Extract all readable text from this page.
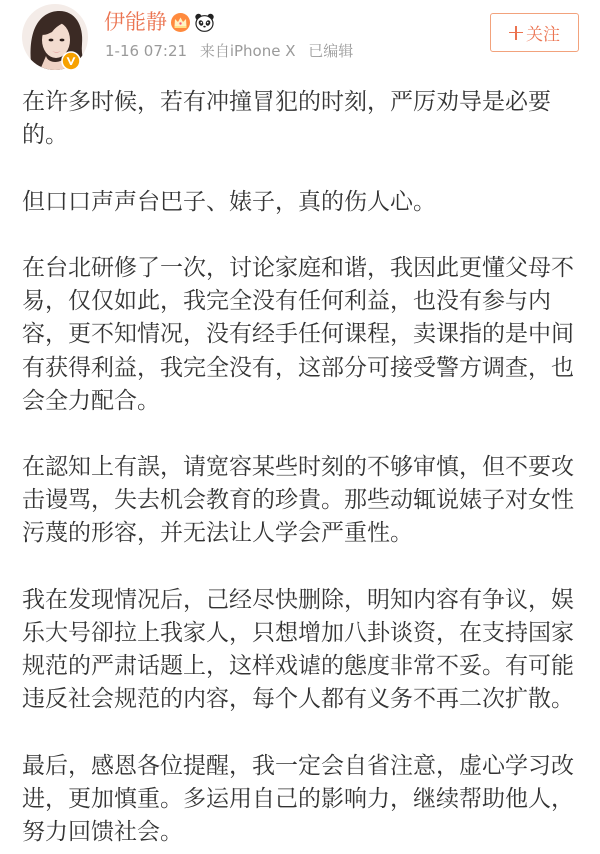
伊能静
1-16 07:21 来自iPhone X 已编辑
关注
在许多时候，若有冲撞冒犯的时刻，严厉劝导是必要
的。
但口口声声台巴子、婊子，真的伤人心。
在台北研修了一次，讨论家庭和谐，我因此更懂父母不
易，仅仅如此，我完全没有任何利益，也没有参与内
容，更不知情况，没有经手任何课程，卖课指的是中间
有获得利益，我完全没有，这部分可接受警方调查，也
会全力配合。
在認知上有誤，请宽容某些时刻的不够审慎，但不要攻
击谩骂，失去机会教育的珍貴。那些动辄说婊子对女性
污蔑的形容，并无法让人学会严重性。
我在发现情况后，己经尽快删除，明知内容有争议，娱
乐大号卻拉上我家人，只想增加八卦谈资，在支持国家
规范的严肃话题上，这样戏谑的態度非常不妥。有可能
违反社会规范的内容，每个人都有义务不再二次扩散。
最后，感恩各位提醒，我一定会自省注意，虚心学习改
进，更加慎重。多运用自己的影响力，继续帮助他人，
努力回馈社会。
